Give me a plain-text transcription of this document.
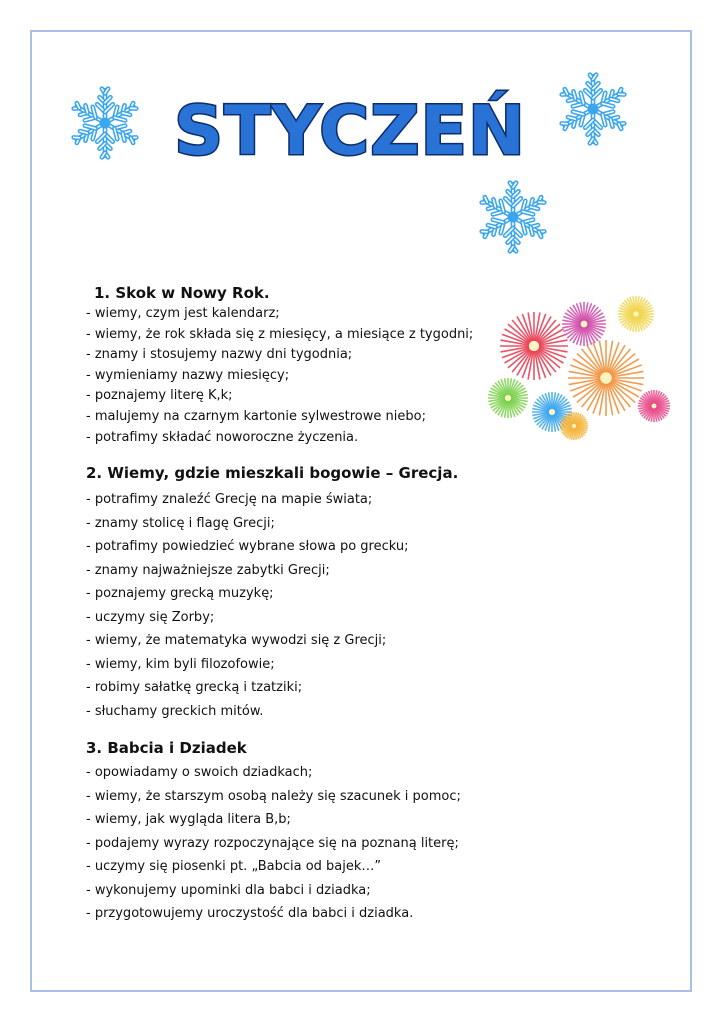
STYCZEŃ

1. Skok w Nowy Rok.

- wiemy, czym jest kalendarz;
- wiemy, że rok składa się z miesięcy, a miesiące z tygodni;
- znamy i stosujemy nazwy dni tygodnia;
- wymieniamy nazwy miesięcy;
- poznajemy literę K,k;
- malujemy na czarnym kartonie sylwestrowe niebo;
- potrafimy składać noworoczne życzenia.

2. Wiemy, gdzie mieszkali bogowie – Grecja.

- potrafimy znaleźć Grecję na mapie świata;
- znamy stolicę i flagę Grecji;
- potrafimy powiedzieć wybrane słowa po grecku;
- znamy najważniejsze zabytki Grecji;
- poznajemy grecką muzykę;
- uczymy się Zorby;
- wiemy, że matematyka wywodzi się z Grecji;
- wiemy, kim byli filozofowie;
- robimy sałatkę grecką i tzatziki;
- słuchamy greckich mitów.

3. Babcia i Dziadek

- opowiadamy o swoich dziadkach;
- wiemy, że starszym osobą należy się szacunek i pomoc;
- wiemy, jak wygląda litera B,b;
- podajemy wyrazy rozpoczynające się na poznaną literę;
- uczymy się piosenki pt. „Babcia od bajek…”
- wykonujemy upominki dla babci i dziadka;
- przygotowujemy uroczystość dla babci i dziadka.
